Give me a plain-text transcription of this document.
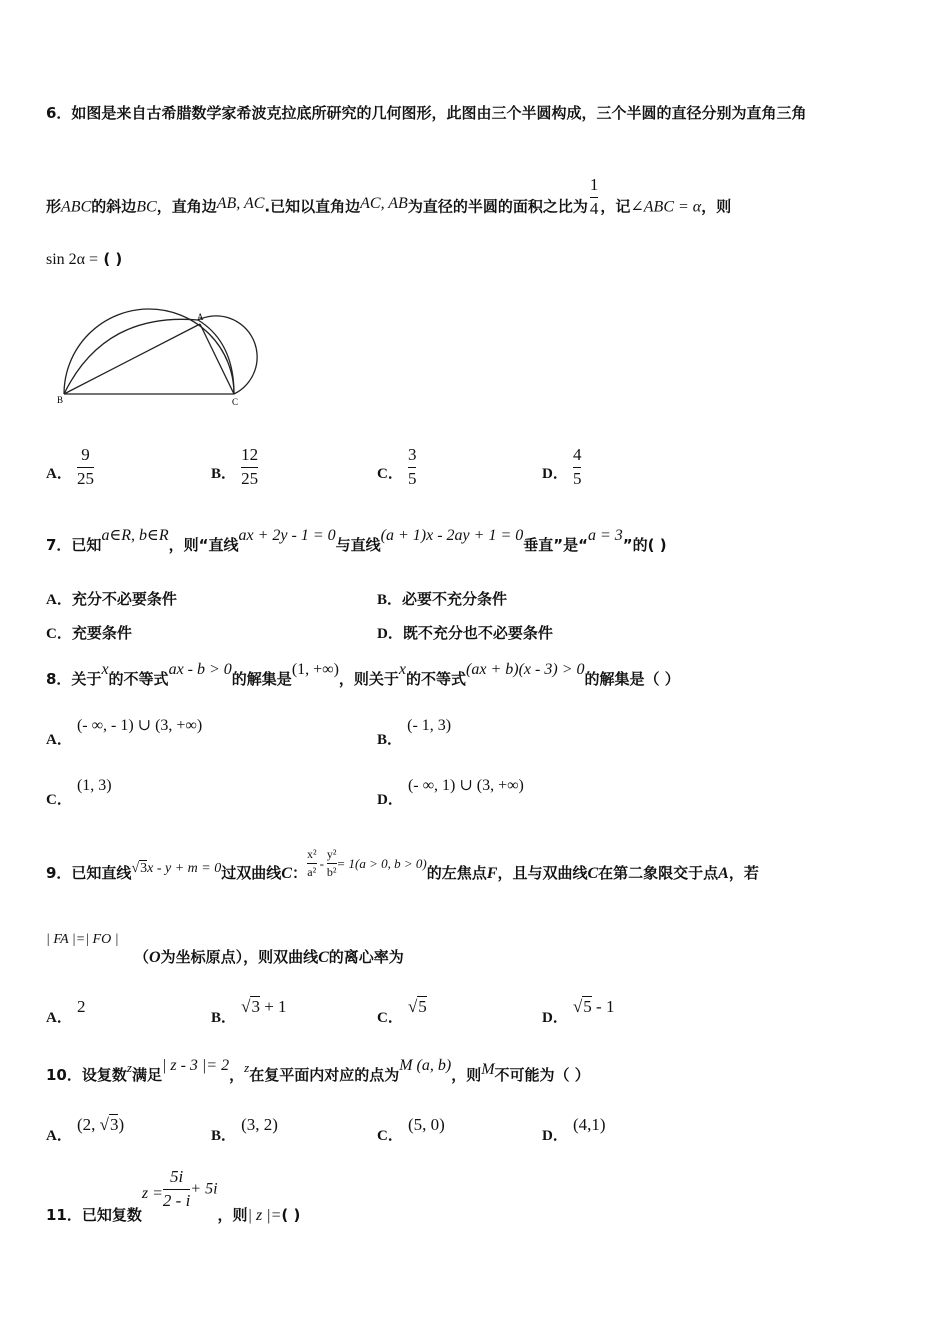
6．如图是来自古希腊数学家希波克拉底所研究的几何图形，此图由三个半圆构成，三个半圆的直径分别为直角三角
形ABC的斜边BC，直角边AB, AC.已知以直角边AC, AB为直径的半圆的面积之比为 $\frac{1}{4}$ ，记∠ABC = α，则
sin 2α = ( )
A
B	C
A． $\frac{9}{25}$	B． $\frac{12}{25}$	C． $\frac{3}{5}$	D． $\frac{4}{5}$
7．已知a∈R, b∈R，则“直线ax + 2y - 1 = 0与直线(a + 1)x - 2ay + 1 = 0垂直”是“a = 3”的( )
A．充分不必要条件	B．必要不充分条件
C．充要条件	D．既不充分也不必要条件
8．关于x的不等式ax - b > 0的解集是(1, +∞)，则关于x的不等式(ax + b)(x - 3) > 0的解集是（ ）
A． (- ∞, - 1) ∪ (3, +∞)
B． (- 1, 3)
C． (1, 3)
D． (- ∞, 1) ∪ (3, +∞)
9．已知直线√3x - y + m = 0过双曲线C： $\frac{\text{x²}}{\text{a²}} - \frac{\text{y²}}{\text{b²}} = 1(a > 0$, b > 0)的左焦点F，且与双曲线C在第二象限交于点A，若
| FA |=| FO |
（O为坐标原点），则双曲线C的离心率为
A． 2
B． √3 + 1
C． √5
D． √5 - 1
10．设复数z满足| z - 3 |= 2，z在复平面内对应的点为M (a, b)，则M不可能为（ ）
A． (2, √3)
B． (3, 2)
C． (5, 0)
D． (4,1)
11．已知复数$z = \frac{5i}{2 - i} + 5i$，则| z |=( )
